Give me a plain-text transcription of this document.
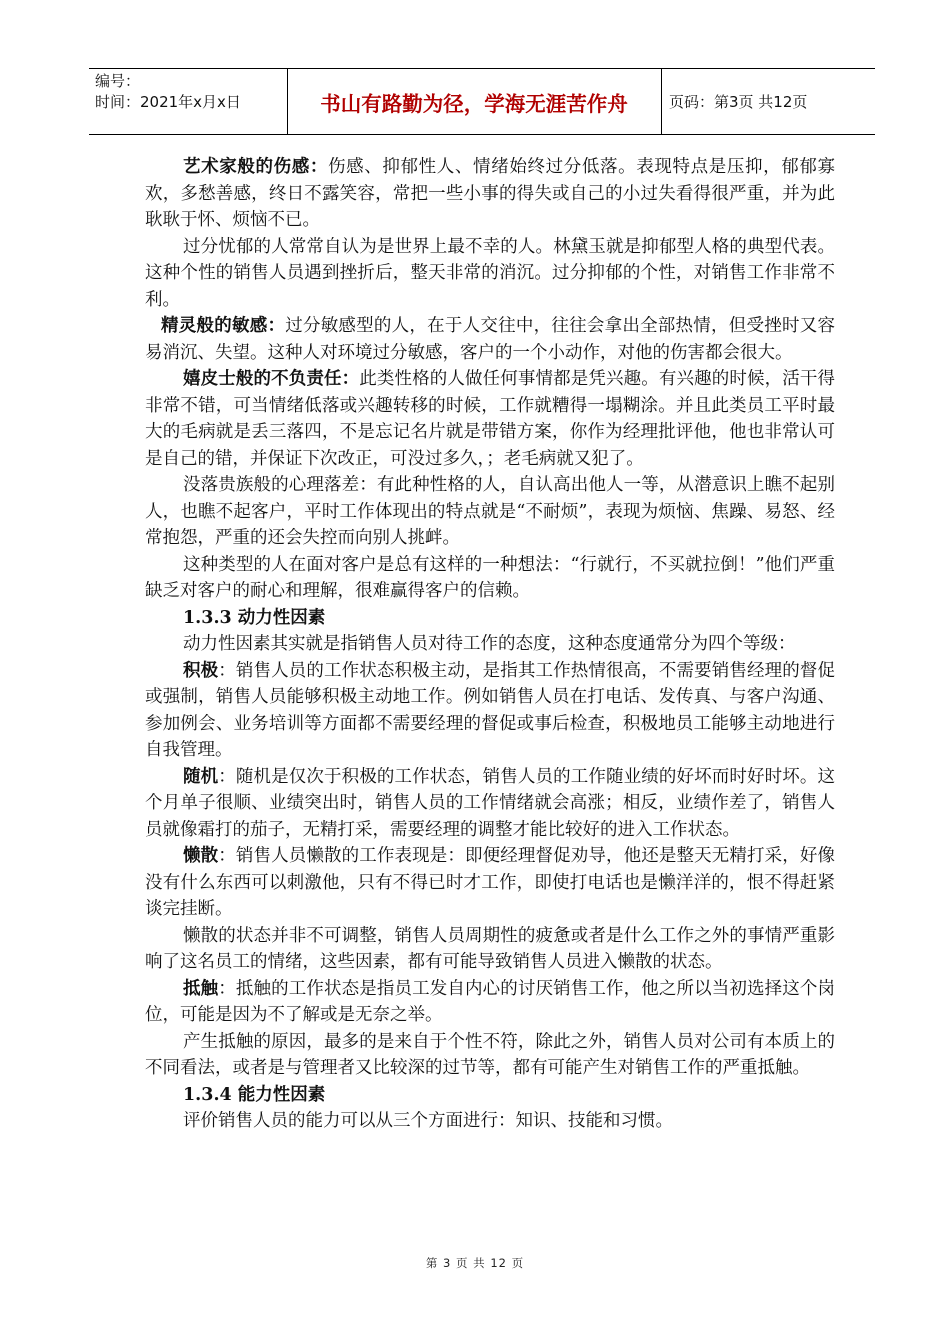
编号：
时间：2021年x月x日	书山有路勤为径，学海无涯苦作舟	页码：第3页 共12页

艺术家般的伤感：伤感、抑郁性人、情绪始终过分低落。表现特点是压抑，郁郁寡欢，多愁善感，终日不露笑容，常把一些小事的得失或自己的小过失看得很严重，并为此耿耿于怀、烦恼不已。

过分忧郁的人常常自认为是世界上最不幸的人。林黛玉就是抑郁型人格的典型代表。这种个性的销售人员遇到挫折后，整天非常的消沉。过分抑郁的个性，对销售工作非常不利。

精灵般的敏感：过分敏感型的人，在于人交往中，往往会拿出全部热情，但受挫时又容易消沉、失望。这种人对环境过分敏感，客户的一个小动作，对他的伤害都会很大。

嬉皮士般的不负责任：此类性格的人做任何事情都是凭兴趣。有兴趣的时候，活干得非常不错，可当情绪低落或兴趣转移的时候，工作就糟得一塌糊涂。并且此类员工平时最大的毛病就是丢三落四，不是忘记名片就是带错方案，你作为经理批评他，他也非常认可是自己的错，并保证下次改正，可没过多久，；老毛病就又犯了。

没落贵族般的心理落差：有此种性格的人，自认高出他人一等，从潜意识上瞧不起别人，也瞧不起客户，平时工作体现出的特点就是“不耐烦”，表现为烦恼、焦躁、易怒、经常抱怨，严重的还会失控而向别人挑衅。

这种类型的人在面对客户是总有这样的一种想法：“行就行，不买就拉倒！”他们严重缺乏对客户的耐心和理解，很难赢得客户的信赖。

1.3.3 动力性因素

动力性因素其实就是指销售人员对待工作的态度，这种态度通常分为四个等级：

积极：销售人员的工作状态积极主动，是指其工作热情很高，不需要销售经理的督促或强制，销售人员能够积极主动地工作。例如销售人员在打电话、发传真、与客户沟通、参加例会、业务培训等方面都不需要经理的督促或事后检查，积极地员工能够主动地进行自我管理。

随机：随机是仅次于积极的工作状态，销售人员的工作随业绩的好坏而时好时坏。这个月单子很顺、业绩突出时，销售人员的工作情绪就会高涨；相反，业绩作差了，销售人员就像霜打的茄子，无精打采，需要经理的调整才能比较好的进入工作状态。

懒散：销售人员懒散的工作表现是：即便经理督促劝导，他还是整天无精打采，好像没有什么东西可以刺激他，只有不得已时才工作，即使打电话也是懒洋洋的，恨不得赶紧谈完挂断。

懒散的状态并非不可调整，销售人员周期性的疲惫或者是什么工作之外的事情严重影响了这名员工的情绪，这些因素，都有可能导致销售人员进入懒散的状态。

抵触：抵触的工作状态是指员工发自内心的讨厌销售工作，他之所以当初选择这个岗位，可能是因为不了解或是无奈之举。

产生抵触的原因，最多的是来自于个性不符，除此之外，销售人员对公司有本质上的不同看法，或者是与管理者又比较深的过节等，都有可能产生对销售工作的严重抵触。

1.3.4 能力性因素

评价销售人员的能力可以从三个方面进行：知识、技能和习惯。

第 3 页 共 12 页
